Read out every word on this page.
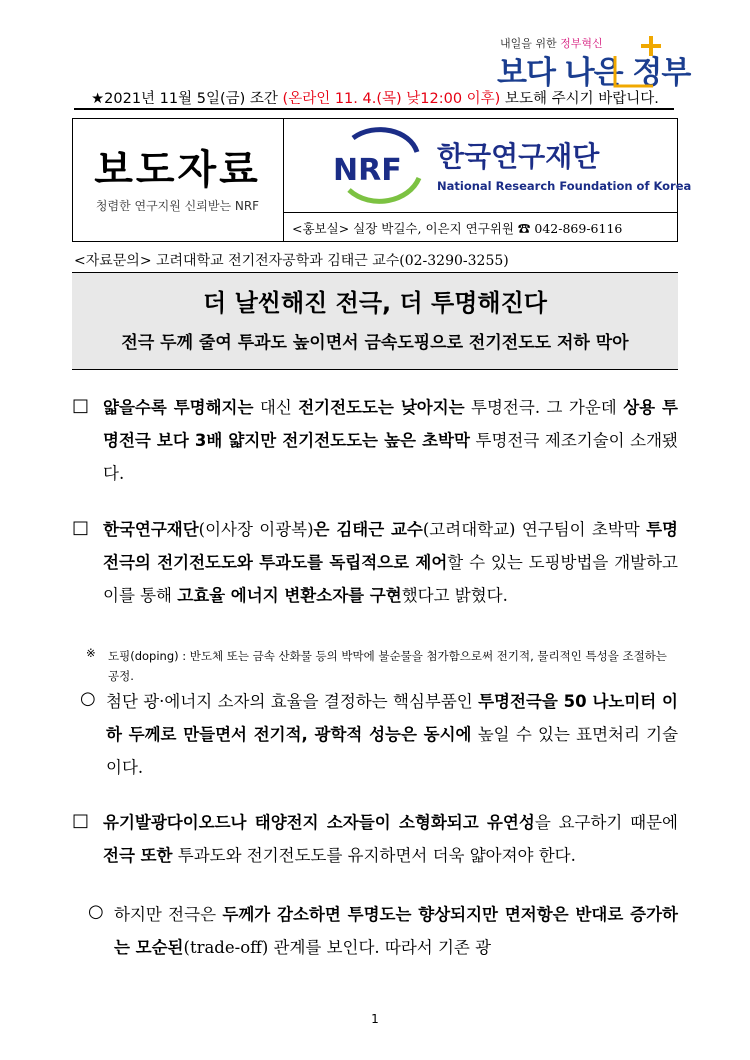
내일을 위한 정부혁신
보다 나은 정부
★2021년 11월 5일(금) 조간 (온라인 11. 4.(목) 낮12:00 이후) 보도해 주시기 바랍니다.
보도자료
청렴한 연구지원 신뢰받는 NRF
NRF 한국연구재단
National Research Foundation of Korea
<홍보실> 실장 박길수, 이은지 연구위원 ☎ 042-869-6116
<자료문의> 고려대학교 전기전자공학과 김태근 교수(02-3290-3255)
더 날씬해진 전극, 더 투명해진다
전극 두께 줄여 투과도 높이면서 금속도핑으로 전기전도도 저하 막아
□ 얇을수록 투명해지는 대신 전기전도도는 낮아지는 투명전극. 그 가운데 상용 투명전극 보다 3배 얇지만 전기전도도는 높은 초박막 투명전극 제조기술이 소개됐다.
□ 한국연구재단(이사장 이광복)은 김태근 교수(고려대학교) 연구팀이 초박막 투명전극의 전기전도도와 투과도를 독립적으로 제어할 수 있는 도핑방법을 개발하고 이를 통해 고효율 에너지 변환소자를 구현했다고 밝혔다.
※ 도핑(doping) : 반도체 또는 금속 산화물 등의 박막에 불순물을 첨가함으로써 전기적, 물리적인 특성을 조절하는 공정.
○ 첨단 광·에너지 소자의 효율을 결정하는 핵심부품인 투명전극을 50 나노미터 이하 두께로 만들면서 전기적, 광학적 성능은 동시에 높일 수 있는 표면처리 기술이다.
□ 유기발광다이오드나 태양전지 소자들이 소형화되고 유연성을 요구하기 때문에 전극 또한 투과도와 전기전도도를 유지하면서 더욱 얇아져야 한다.
○ 하지만 전극은 두께가 감소하면 투명도는 향상되지만 면저항은 반대로 증가하는 모순된(trade-off) 관계를 보인다. 따라서 기존 광
1
